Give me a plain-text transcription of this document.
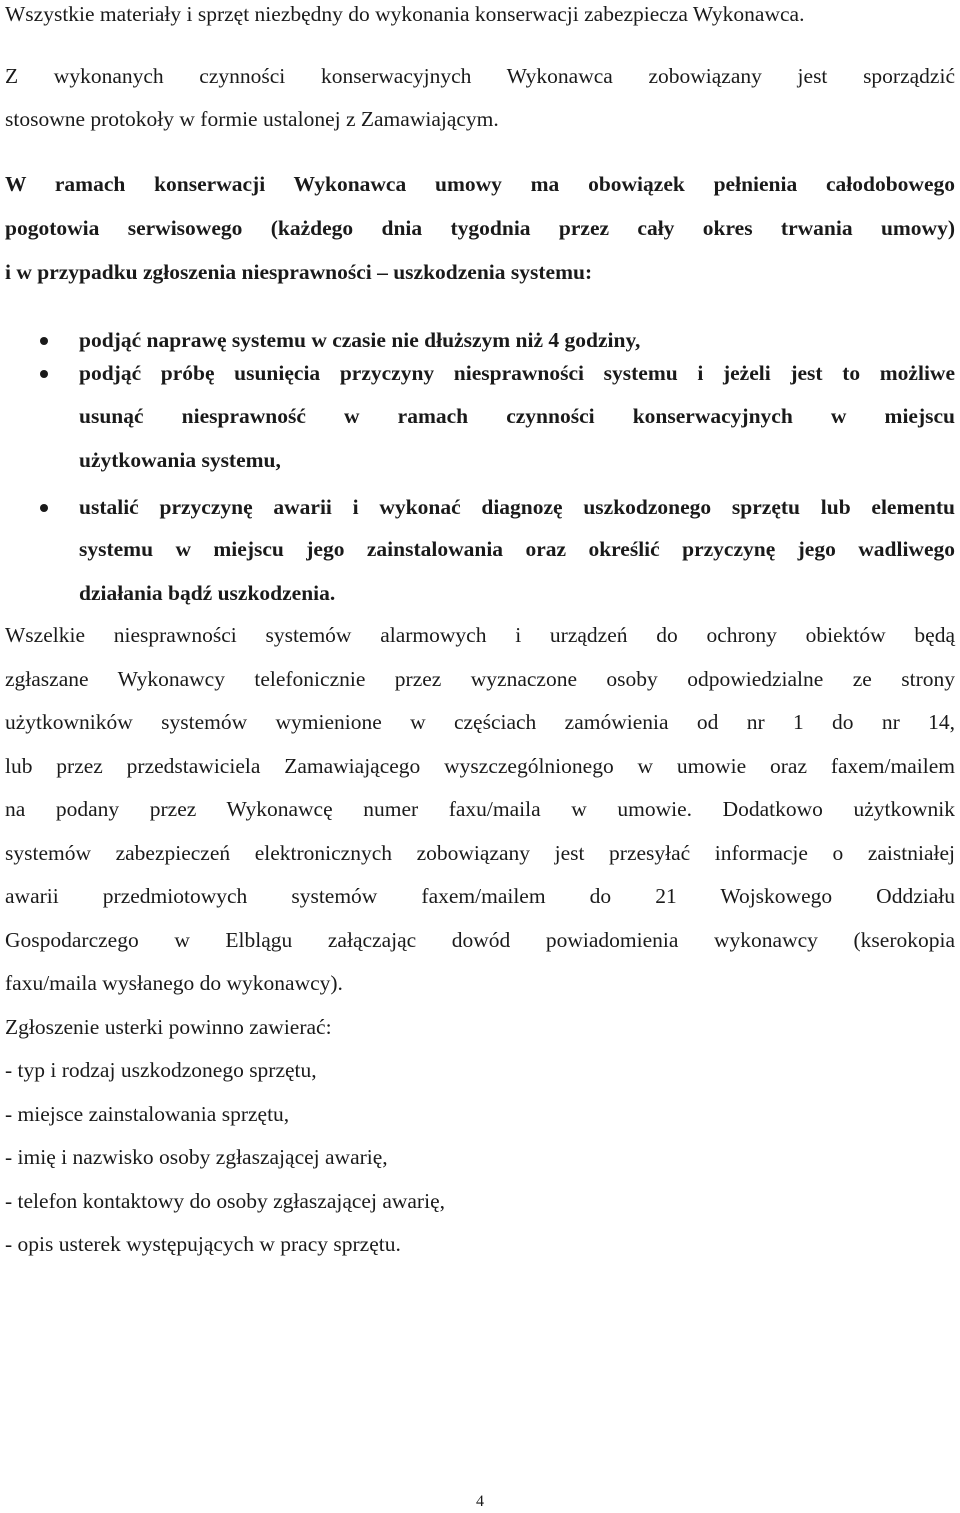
Wszystkie materiały i sprzęt niezbędny do wykonania konserwacji zabezpiecza Wykonawca.
Z wykonanych czynności konserwacyjnych Wykonawca zobowiązany jest sporządzić
stosowne protokoły w formie ustalonej z Zamawiającym.
W ramach konserwacji Wykonawca umowy ma obowiązek pełnienia całodobowego
pogotowia serwisowego (każdego dnia tygodnia przez cały okres trwania umowy)
i w przypadku zgłoszenia niesprawności – uszkodzenia systemu:
podjąć naprawę systemu w czasie nie dłuższym niż 4 godziny,
podjąć próbę usunięcia przyczyny niesprawności systemu i jeżeli jest to możliwe
usunąć niesprawność w ramach czynności konserwacyjnych w miejscu
użytkowania systemu,
ustalić przyczynę awarii i wykonać diagnozę uszkodzonego sprzętu lub elementu
systemu w miejscu jego zainstalowania oraz określić przyczynę jego wadliwego
działania bądź uszkodzenia.
Wszelkie niesprawności systemów alarmowych i urządzeń do ochrony obiektów będą
zgłaszane Wykonawcy telefonicznie przez wyznaczone osoby odpowiedzialne ze strony
użytkowników systemów wymienione w częściach zamówienia od nr 1 do nr 14,
lub przez przedstawiciela Zamawiającego wyszczególnionego w umowie oraz faxem/mailem
na podany przez Wykonawcę numer faxu/maila w umowie. Dodatkowo użytkownik
systemów zabezpieczeń elektronicznych zobowiązany jest przesyłać informacje o zaistniałej
awarii przedmiotowych systemów faxem/mailem do 21 Wojskowego Oddziału
Gospodarczego w Elblągu załączając dowód powiadomienia wykonawcy (kserokopia
faxu/maila wysłanego do wykonawcy).
Zgłoszenie usterki powinno zawierać:
- typ i rodzaj uszkodzonego sprzętu,
- miejsce zainstalowania sprzętu,
- imię i nazwisko osoby zgłaszającej awarię,
- telefon kontaktowy do osoby zgłaszającej awarię,
- opis usterek występujących w pracy sprzętu.
4
